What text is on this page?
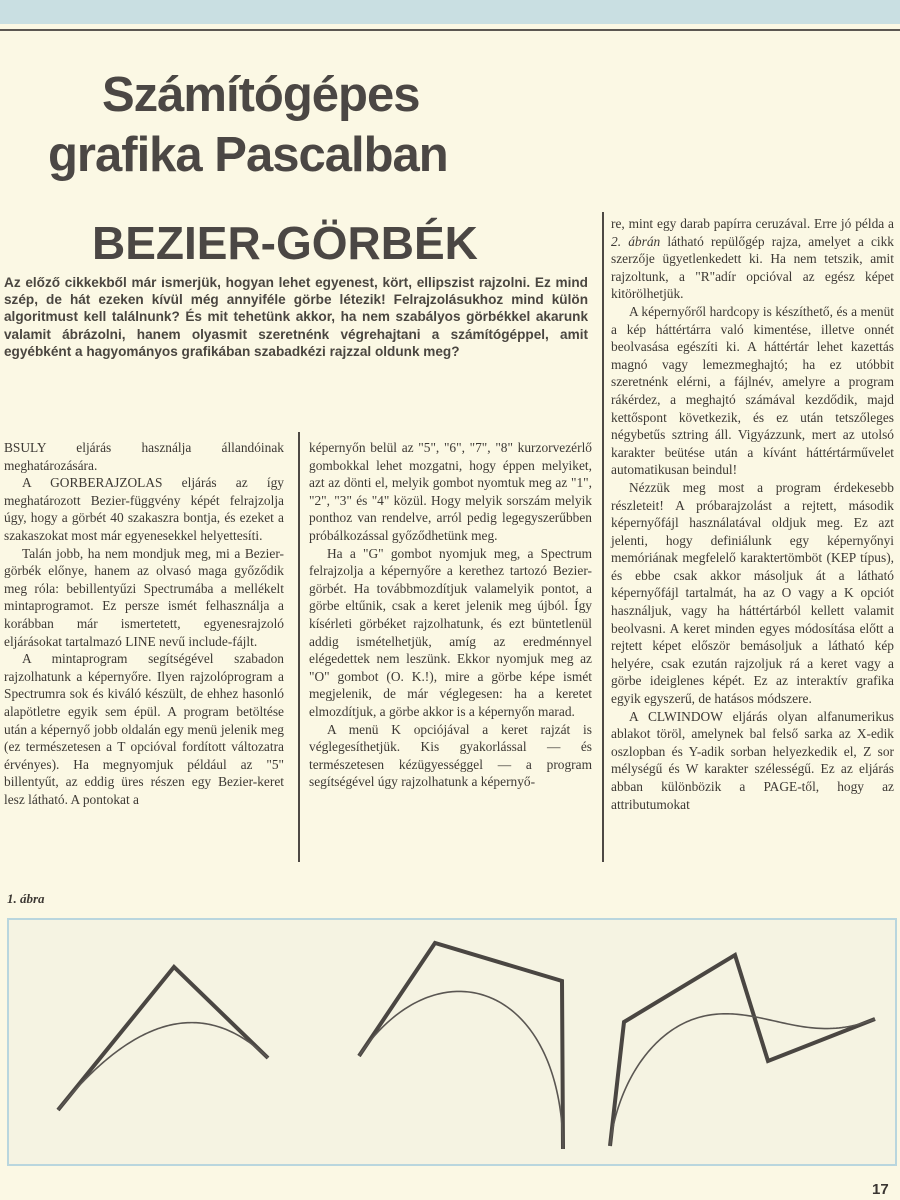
Számítógépes
grafika Pascalban
BEZIER-GÖRBÉK
Az előző cikkekből már ismerjük, hogyan lehet egyenest, kört, ellipszist rajzolni. Ez mind szép, de hát ezeken kívül még annyiféle görbe létezik! Felrajzolásukhoz mind külön algoritmust kell találnunk? És mit tehetünk akkor, ha nem szabályos görbékkel akarunk valamit ábrázolni, hanem olyasmit szeretnénk végrehajtani a számítógéppel, amit egyébként a hagyományos grafikában szabadkézi rajzzal oldunk meg?

BSULY eljárás használja állandóinak meghatározására.

A GORBERAJZOLAS eljárás az így meghatározott Bezier-függvény képét felrajzolja úgy, hogy a görbét 40 szakaszra bontja, és ezeket a szakaszokat most már egyenesekkel helyettesíti.

Talán jobb, ha nem mondjuk meg, mi a Bezier-görbék előnye, hanem az olvasó maga győződik meg róla: bebillentyűzi Spectrumába a mellékelt mintaprogramot. Ez persze ismét felhasználja a korábban már ismertetett, egyenesrajzoló eljárásokat tartalmazó LINE nevű include-fájlt.

A mintaprogram segítségével szabadon rajzolhatunk a képernyőre. Ilyen rajzolóprogram a Spectrumra sok és kiváló készült, de ehhez hasonló alapötletre egyik sem épül. A program betöltése után a képernyő jobb oldalán egy menü jelenik meg (ez természetesen a T opcióval fordított változatra érvényes). Ha megnyomjuk például az "5" billentyűt, az eddig üres részen egy Bezier-keret lesz látható. A pontokat a

képernyőn belül az "5", "6", "7", "8" kurzorvezérlő gombokkal lehet mozgatni, hogy éppen melyiket, azt az dönti el, melyik gombot nyomtuk meg az "1", "2", "3" és "4" közül. Hogy melyik sorszám melyik ponthoz van rendelve, arról pedig legegyszerűbben próbálkozással győződhetünk meg.

Ha a "G" gombot nyomjuk meg, a Spectrum felrajzolja a képernyőre a kerethez tartozó Bezier-görbét. Ha továbbmozdítjuk valamelyik pontot, a görbe eltűnik, csak a keret jelenik meg újból. Így kísérleti görbéket rajzolhatunk, és ezt büntetlenül addig ismételhetjük, amíg az eredménnyel elégedettek nem leszünk. Ekkor nyomjuk meg az "O" gombot (O. K.!), mire a görbe képe ismét megjelenik, de már véglegesen: ha a keretet elmozdítjuk, a görbe akkor is a képernyőn marad.

A menü K opciójával a keret rajzát is véglegesíthetjük. Kis gyakorlással — és természetesen kézügyességgel — a program segítségével úgy rajzolhatunk a képernyő-

re, mint egy darab papírra ceruzával. Erre jó példa a 2. ábrán látható repülőgép rajza, amelyet a cikk szerzője ügyetlenkedett ki. Ha nem tetszik, amit rajzoltunk, a "R"adír opcióval az egész képet kitörölhetjük.

A képernyőről hardcopy is készíthető, és a menüt a kép háttértárra való kimentése, illetve onnét beolvasása egészíti ki. A háttértár lehet kazettás magnó vagy lemezmeghajtó; ha ez utóbbit szeretnénk elérni, a fájlnév, amelyre a program rákérdez, a meghajtó számával kezdődik, majd kettőspont következik, és ez után tetszőleges négybetűs sztring áll. Vigyázzunk, mert az utolsó karakter beütése után a kívánt háttértárművelet automatikusan beindul!

Nézzük meg most a program érdekesebb részleteit! A próbarajzolást a rejtett, második képernyőfájl használatával oldjuk meg. Ez azt jelenti, hogy definiálunk egy képernyőnyi memóriának megfelelő karaktertömböt (KEP típus), és ebbe csak akkor másoljuk át a látható képernyőfájl tartalmát, ha az O vagy a K opciót használjuk, vagy ha háttértárból kellett valamit beolvasni. A keret minden egyes módosítása előtt a rejtett képet először bemásoljuk a látható kép helyére, csak ezután rajzoljuk rá a keret vagy a görbe ideiglenes képét. Ez az interaktív grafika egyik egyszerű, de hatásos módszere.

A CLWINDOW eljárás olyan alfanumerikus ablakot töröl, amelynek bal felső sarka az X-edik oszlopban és Y-adik sorban helyezkedik el, Z sor mélységű és W karakter szélességű. Ez az eljárás abban különbözik a PAGE-től, hogy az attributumokat

1. ábra
17
